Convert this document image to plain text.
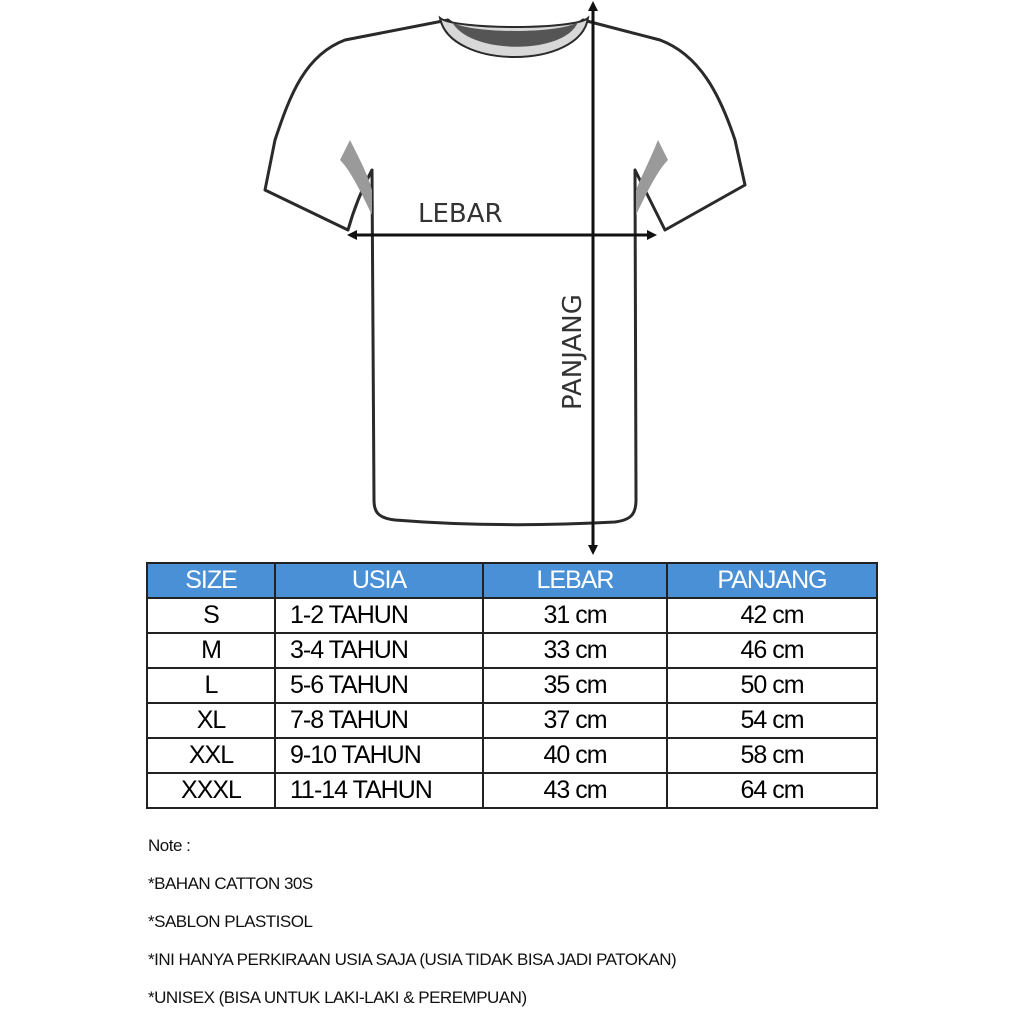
LEBAR
PANJANG
SIZE	USIA	LEBAR	PANJANG
S	1-2 TAHUN	31 cm	42 cm
M	3-4 TAHUN	33 cm	46 cm
L	5-6 TAHUN	35 cm	50 cm
XL	7-8 TAHUN	37 cm	54 cm
XXL	9-10 TAHUN	40 cm	58 cm
XXXL	11-14 TAHUN	43 cm	64 cm
Note :
*BAHAN CATTON 30S
*SABLON PLASTISOL
*INI HANYA PERKIRAAN USIA SAJA (USIA TIDAK BISA JADI PATOKAN)
*UNISEX (BISA UNTUK LAKI-LAKI & PEREMPUAN)
